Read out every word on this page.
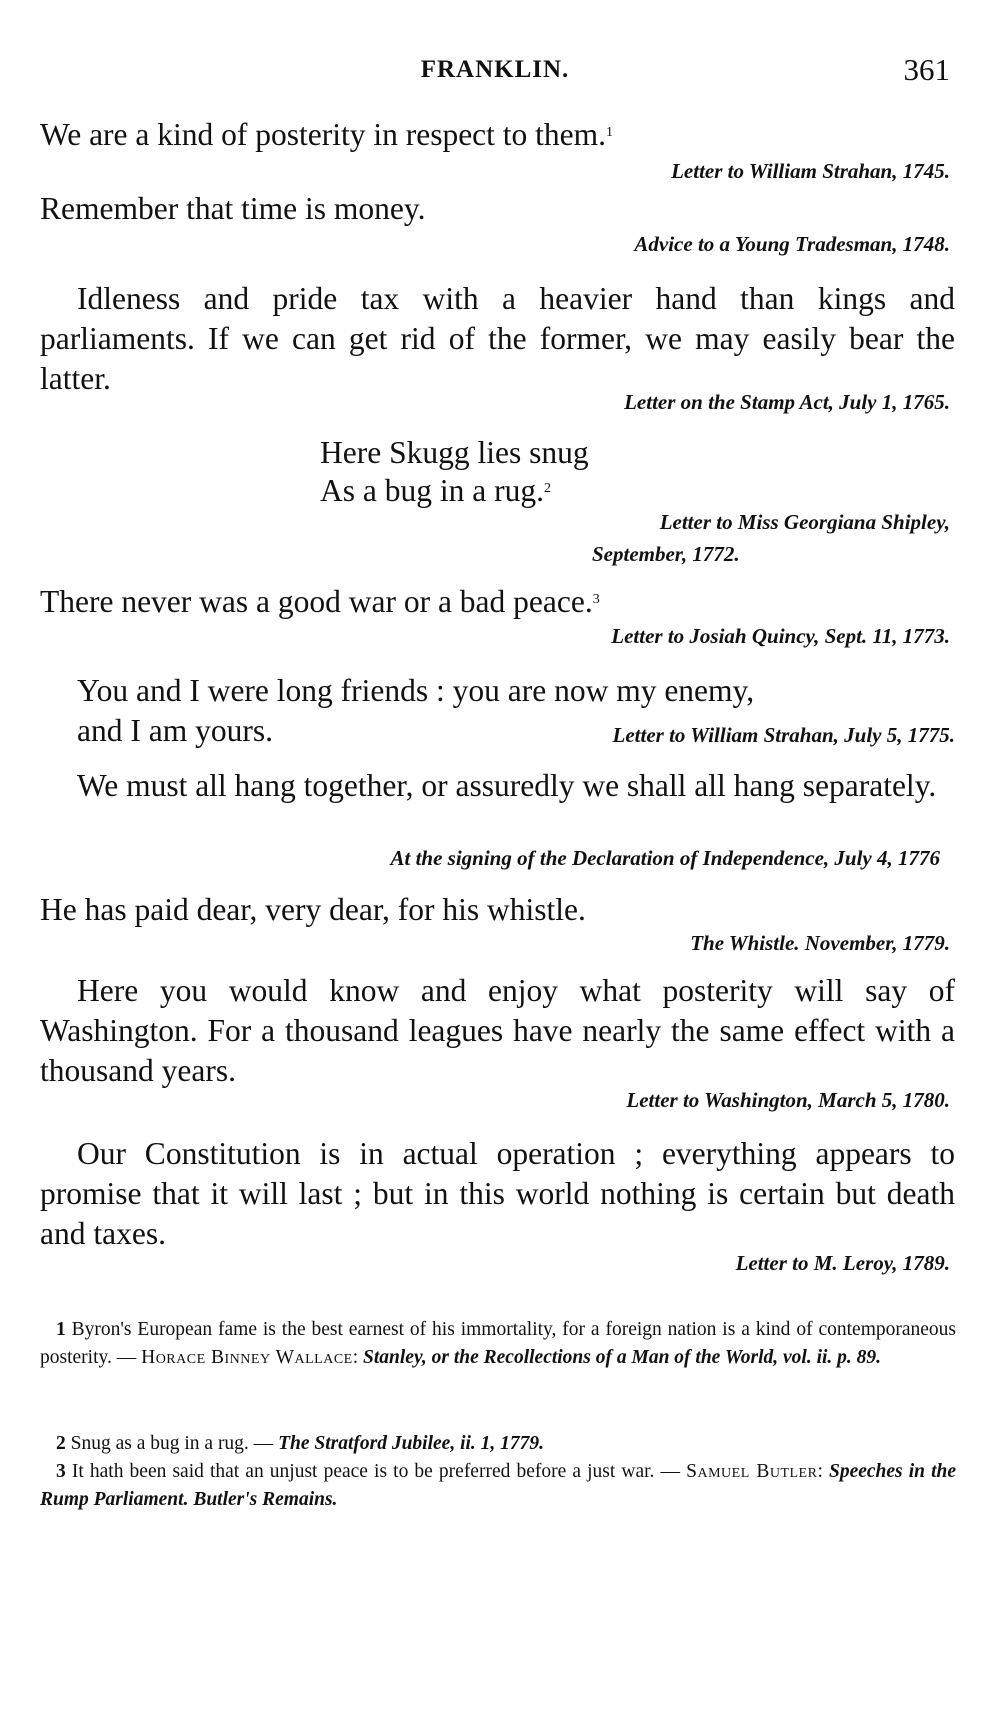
FRANKLIN.	361
We are a kind of posterity in respect to them.$^1$
Letter to William Strahan, 1745.
Remember that time is money.
Advice to a Young Tradesman, 1748.
Idleness and pride tax with a heavier hand than kings and parliaments. If we can get rid of the former, we may easily bear the latter.
Letter on the Stamp Act, July 1, 1765.
Here Skugg lies snug
As a bug in a rug.$^2$
Letter to Miss Georgiana Shipley,
September, 1772.
There never was a good war or a bad peace.$^3$
Letter to Josiah Quincy, Sept. 11, 1773.
You and I were long friends : you are now my enemy,
and I am yours.	Letter to William Strahan, July 5, 1775.
We must all hang together, or assuredly we shall all hang separately.
At the signing of the Declaration of Independence, July 4, 1776
He has paid dear, very dear, for his whistle.
The Whistle. November, 1779.
Here you would know and enjoy what posterity will say of Washington. For a thousand leagues have nearly the same effect with a thousand years.
Letter to Washington, March 5, 1780.
Our Constitution is in actual operation ; everything appears to promise that it will last ; but in this world nothing is certain but death and taxes.
Letter to M. Leroy, 1789.
1 Byron's European fame is the best earnest of his immortality, for a foreign nation is a kind of contemporaneous posterity. — Horace Binney Wallace: Stanley, or the Recollections of a Man of the World, vol. ii. p. 89.
2 Snug as a bug in a rug. — The Stratford Jubilee, ii. 1, 1779.
3 It hath been said that an unjust peace is to be preferred before a just war. — Samuel Butler: Speeches in the Rump Parliament. Butler's Remains.
